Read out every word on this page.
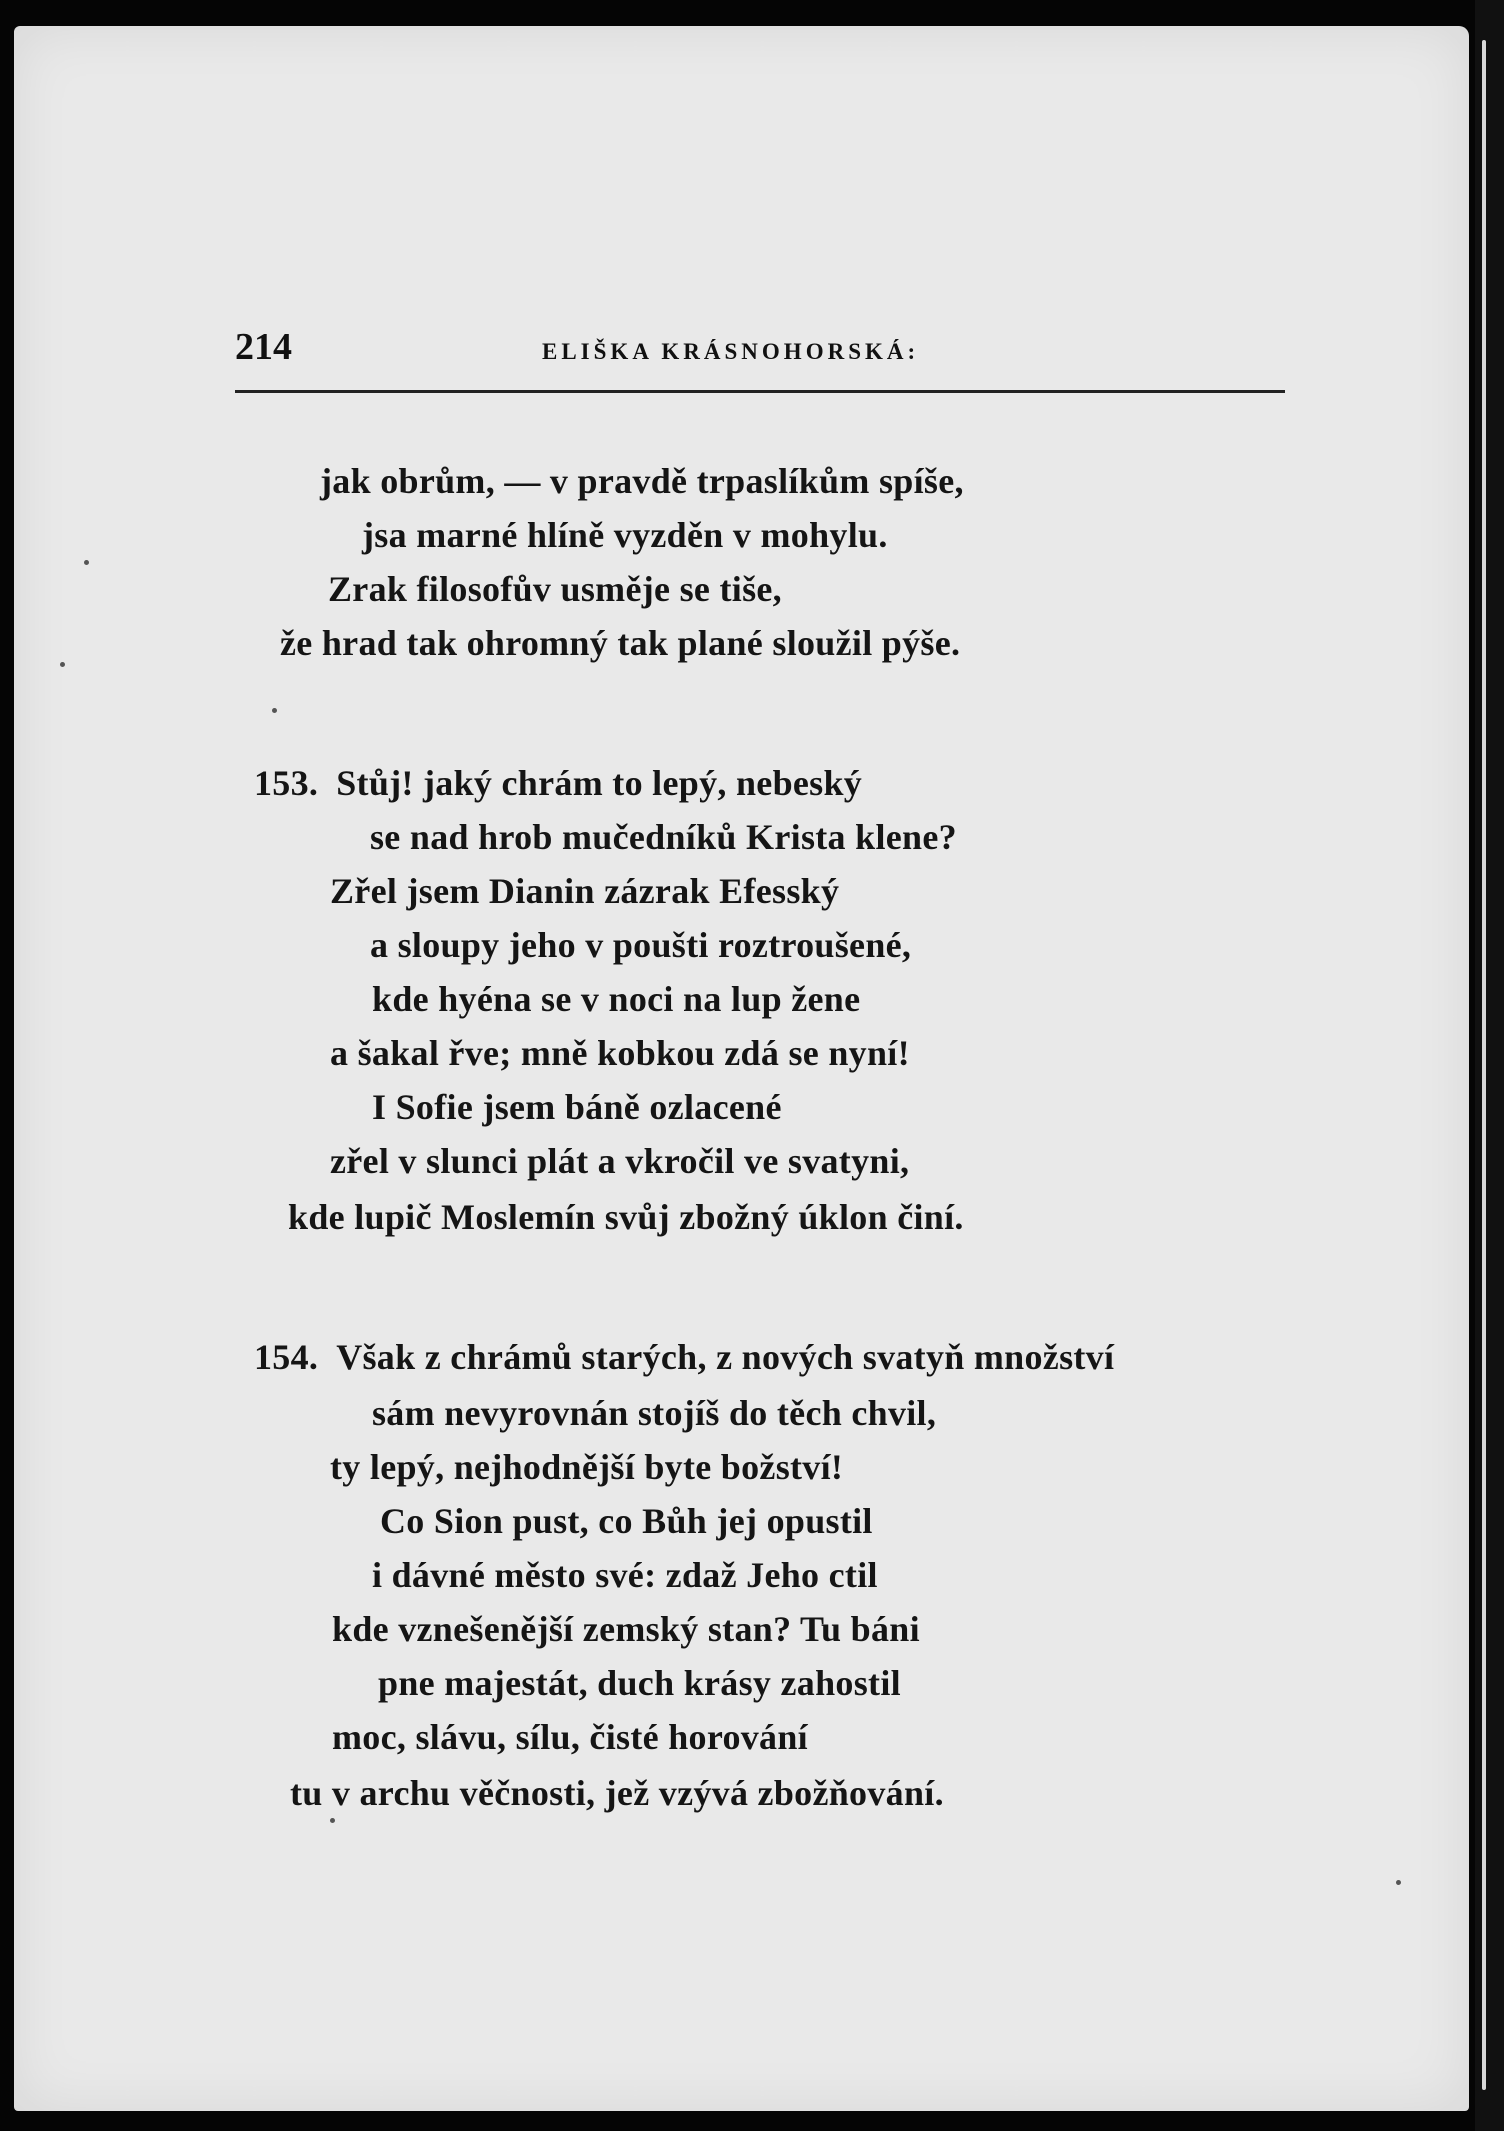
214	ELIŠKA KRÁSNOHORSKÁ:
jak obrům, — v pravdě trpaslíkům spíše,
jsa marné hlíně vyzděn v mohylu.
Zrak filosofův usměje se tiše,
že hrad tak ohromný tak plané sloužil pýše.
153. Stůj! jaký chrám to lepý, nebeský
se nad hrob mučedníků Krista klene?
Zřel jsem Dianin zázrak Efesský
a sloupy jeho v poušti roztroušené,
kde hyéna se v noci na lup žene
a šakal řve; mně kobkou zdá se nyní!
I Sofie jsem báně ozlacené
zřel v slunci plát a vkročil ve svatyni,
kde lupič Moslemín svůj zbožný úklon činí.
154. Však z chrámů starých, z nových svatyň množství
sám nevyrovnán stojíš do těch chvil,
ty lepý, nejhodnější byte božství!
Co Sion pust, co Bůh jej opustil
i dávné město své: zdaž Jeho ctil
kde vznešenější zemský stan? Tu báni
pne majestát, duch krásy zahostil
moc, slávu, sílu, čisté horování
tu v archu věčnosti, jež vzývá zbožňování.
